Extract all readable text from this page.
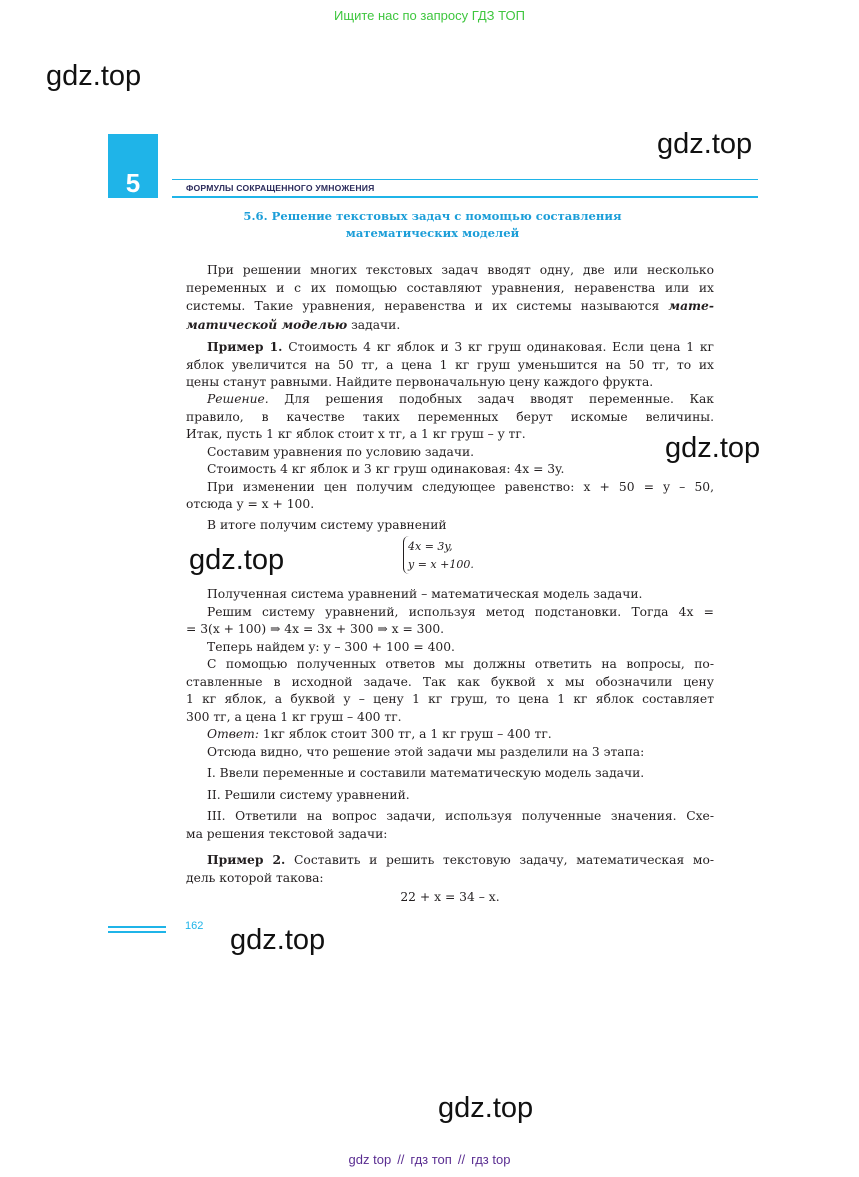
Ищите нас по запросу ГДЗ ТОП
gdz.top
gdz.top
gdz.top
gdz.top
gdz.top
gdz.top
5	ФОРМУЛЫ СОКРАЩЕННОГО УМНОЖЕНИЯ
5.6. Решение текстовых задач с помощью составления
математических моделей
При решении многих текстовых задач вводят одну, две или несколько
переменных и с их помощью составляют уравнения, неравенства или их
системы. Такие уравнения, неравенства и их системы называются мате-
матической моделью задачи.
Пример 1. Стоимость 4 кг яблок и 3 кг груш одинаковая. Если цена 1 кг
яблок увеличится на 50 тг, а цена 1 кг груш уменьшится на 50 тг, то их
цены станут равными. Найдите первоначальную цену каждого фрукта.
Решение. Для решения подобных задач вводят переменные. Как
правило, в качестве таких переменных берут искомые величины.
Итак, пусть 1 кг яблок стоит x тг, а 1 кг груш – y тг.
Составим уравнения по условию задачи.
Стоимость 4 кг яблок и 3 кг груш одинаковая: 4x = 3y.
При изменении цен получим следующее равенство: x + 50 = y – 50,
отсюда y = x + 100.
В итоге получим систему уравнений
4x = 3y,
y = x +100.
Полученная система уравнений – математическая модель задачи.
Решим систему уравнений, используя метод подстановки. Тогда 4x =
= 3(x + 100) ⇒ 4x = 3x + 300 ⇒ x = 300.
Теперь найдем y: y – 300 + 100 = 400.
С помощью полученных ответов мы должны ответить на вопросы, по-
ставленные в исходной задаче. Так как буквой x мы обозначили цену
1 кг яблок, а буквой y – цену 1 кг груш, то цена 1 кг яблок составляет
300 тг, а цена 1 кг груш – 400 тг.
Ответ: 1кг яблок стоит 300 тг, а 1 кг груш – 400 тг.
Отсюда видно, что решение этой задачи мы разделили на 3 этапа:
I. Ввели переменные и составили математическую модель задачи.
II. Решили систему уравнений.
III. Ответили на вопрос задачи, используя полученные значения. Схе-
ма решения текстовой задачи:
Пример 2. Составить и решить текстовую задачу, математическая мо-
дель которой такова:
22 + x = 34 – x.
162
gdz top // гдз топ // гдз top
